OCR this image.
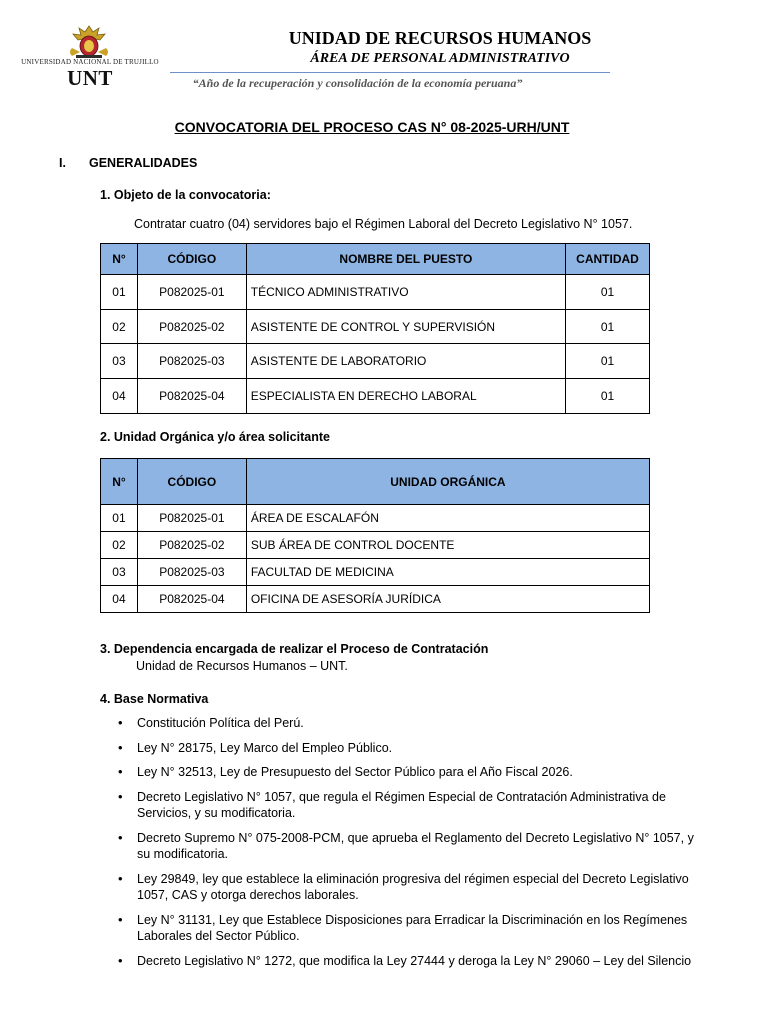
UNIVERSIDAD NACIONAL DE TRUJILLO
UNT
UNIDAD DE RECURSOS HUMANOS
ÁREA DE PERSONAL ADMINISTRATIVO
“Año de la recuperación y consolidación de la economía peruana”
CONVOCATORIA DEL PROCESO CAS N° 08-2025-URH/UNT
I. GENERALIDADES
1. Objeto de la convocatoria:
Contratar cuatro (04) servidores bajo el Régimen Laboral del Decreto Legislativo N° 1057.
N°	CÓDIGO	NOMBRE DEL PUESTO	CANTIDAD
01	P082025-01	TÉCNICO ADMINISTRATIVO	01
02	P082025-02	ASISTENTE DE CONTROL Y SUPERVISIÓN	01
03	P082025-03	ASISTENTE DE LABORATORIO	01
04	P082025-04	ESPECIALISTA EN DERECHO LABORAL	01
2. Unidad Orgánica y/o área solicitante
N°	CÓDIGO	UNIDAD ORGÁNICA
01	P082025-01	ÁREA DE ESCALAFÓN
02	P082025-02	SUB ÁREA DE CONTROL DOCENTE
03	P082025-03	FACULTAD DE MEDICINA
04	P082025-04	OFICINA DE ASESORÍA JURÍDICA
3. Dependencia encargada de realizar el Proceso de Contratación
Unidad de Recursos Humanos – UNT.
4. Base Normativa
• Constitución Política del Perú.
• Ley N° 28175, Ley Marco del Empleo Público.
• Ley N° 32513, Ley de Presupuesto del Sector Público para el Año Fiscal 2026.
• Decreto Legislativo N° 1057, que regula el Régimen Especial de Contratación Administrativa de Servicios, y su modificatoria.
• Decreto Supremo N° 075-2008-PCM, que aprueba el Reglamento del Decreto Legislativo N° 1057, y su modificatoria.
• Ley 29849, ley que establece la eliminación progresiva del régimen especial del Decreto Legislativo 1057, CAS y otorga derechos laborales.
• Ley N° 31131, Ley que Establece Disposiciones para Erradicar la Discriminación en los Regímenes Laborales del Sector Público.
• Decreto Legislativo N° 1272, que modifica la Ley 27444 y deroga la Ley N° 29060 – Ley del Silencio
